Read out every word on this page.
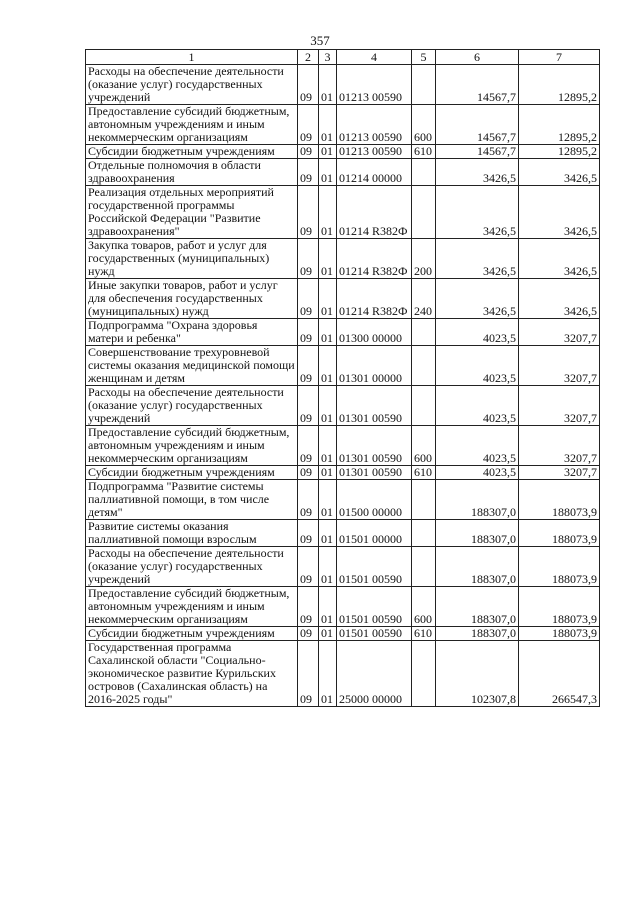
357
1	2	3	4	5	6	7
Расходы на обеспечение деятельности (оказание услуг) государственных учреждений	09	01	01213 00590		14567,7	12895,2
Предоставление субсидий бюджетным, автономным учреждениям и иным некоммерческим организациям	09	01	01213 00590	600	14567,7	12895,2
Субсидии бюджетным учреждениям	09	01	01213 00590	610	14567,7	12895,2
Отдельные полномочия в области здравоохранения	09	01	01214 00000		3426,5	3426,5
Реализация отдельных мероприятий государственной программы Российской Федерации "Развитие здравоохранения"	09	01	01214 R382Ф		3426,5	3426,5
Закупка товаров, работ и услуг для государственных (муниципальных) нужд	09	01	01214 R382Ф	200	3426,5	3426,5
Иные закупки товаров, работ и услуг для обеспечения государственных (муниципальных) нужд	09	01	01214 R382Ф	240	3426,5	3426,5
Подпрограмма "Охрана здоровья матери и ребенка"	09	01	01300 00000		4023,5	3207,7
Совершенствование трехуровневой системы оказания медицинской помощи женщинам и детям	09	01	01301 00000		4023,5	3207,7
Расходы на обеспечение деятельности (оказание услуг) государственных учреждений	09	01	01301 00590		4023,5	3207,7
Предоставление субсидий бюджетным, автономным учреждениям и иным некоммерческим организациям	09	01	01301 00590	600	4023,5	3207,7
Субсидии бюджетным учреждениям	09	01	01301 00590	610	4023,5	3207,7
Подпрограмма "Развитие системы паллиативной помощи, в том числе детям"	09	01	01500 00000		188307,0	188073,9
Развитие системы оказания паллиативной помощи взрослым	09	01	01501 00000		188307,0	188073,9
Расходы на обеспечение деятельности (оказание услуг) государственных учреждений	09	01	01501 00590		188307,0	188073,9
Предоставление субсидий бюджетным, автономным учреждениям и иным некоммерческим организациям	09	01	01501 00590	600	188307,0	188073,9
Субсидии бюджетным учреждениям	09	01	01501 00590	610	188307,0	188073,9
Государственная программа Сахалинской области "Социально-экономическое развитие Курильских островов (Сахалинская область) на 2016-2025 годы"	09	01	25000 00000		102307,8	266547,3
